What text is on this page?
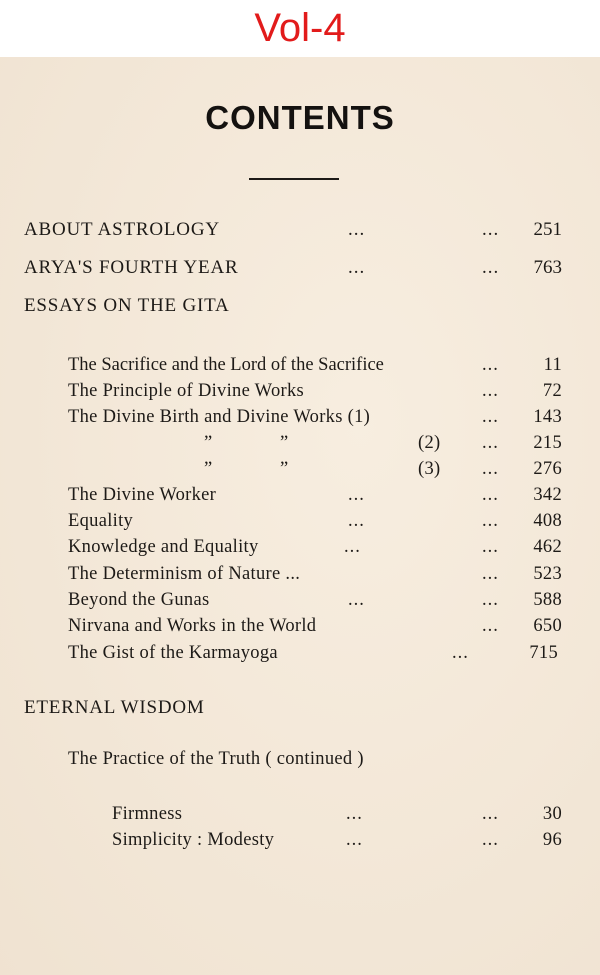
Vol-4
CONTENTS
ABOUT ASTROLOGY	...	... 251
ARYA'S FOURTH YEAR	...	... 763
ESSAYS ON THE GITA
The Sacrifice and the Lord of the Sacrifice	... 11
The Principle of Divine Works	... 72
The Divine Birth and Divine Works (1)	... 143
”	”	(2) ... 215
”	”	(3) ... 276
The Divine Worker	...	... 342
Equality	...	... 408
Knowledge and Equality	...	... 462
The Determinism of Nature ...	... 523
Beyond the Gunas	...	... 588
Nirvana and Works in the World	... 650
The Gist of the Karmayoga	...	715
ETERNAL WISDOM
The Practice of the Truth ( continued )
Firmness	...	... 30
Simplicity : Modesty	...	... 96
